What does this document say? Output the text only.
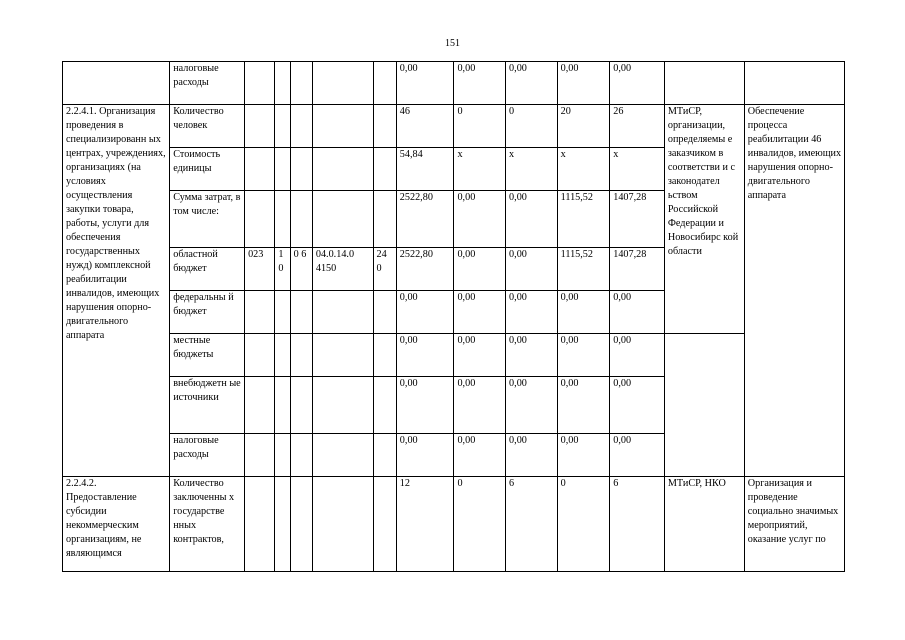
151
	налоговые расходы						0,00	0,00	0,00	0,00	0,00		
2.2.4.1. Организация проведения в специализированн ых центрах, учреждениях, организациях (на условиях осуществления закупки товара, работы, услуги для обеспечения государственных нужд) комплексной реабилитации инвалидов, имеющих нарушения опорно- двигательного аппарата	Количество человек						46	0	0	20	26	МТиСР, организации, определяемы е заказчиком в соответстви и с законодател ьством Российской Федерации и Новосибирс кой области	Обеспечение процесса реабилитации 46 инвалидов, имеющих нарушения опорно- двигательного аппарата
	Стоимость единицы						54,84	x	x	x	x		
	Сумма затрат, в том числе:						2522,80	0,00	0,00	1115,52	1407,28		
	областной бюджет	023	1 0	0 6	04.0.14.0 4150	24 0	2522,80	0,00	0,00	1115,52	1407,28		
	федеральны й бюджет						0,00	0,00	0,00	0,00	0,00		
	местные бюджеты						0,00	0,00	0,00	0,00	0,00		
	внебюджетн ые источники						0,00	0,00	0,00	0,00	0,00		
	налоговые расходы						0,00	0,00	0,00	0,00	0,00		
2.2.4.2. Предоставление субсидии некоммерческим организациям, не являющимся	Количество заключенны х государстве нных контрактов,						12	0	6	0	6	МТиСР, НКО	Организация и проведение социально значимых мероприятий, оказание услуг по
